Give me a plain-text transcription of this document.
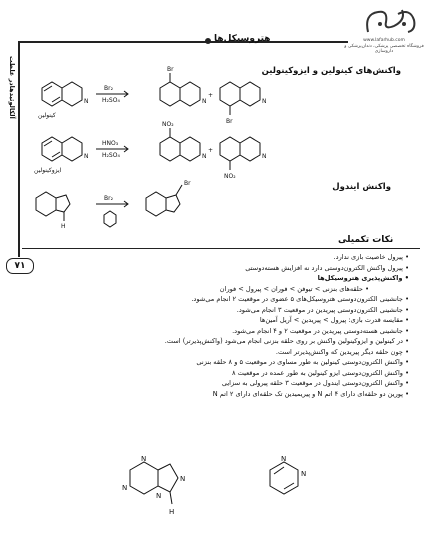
www.lafarhub.com
فروشگاه تخصصی پزشکی، دندان‌پزشکی و داروسازی
هتروسیکل‌ها
آلکالوئید‌هادر غلظت
۷۱
واکنش‌های کینولین و ایزوکینولین
واکنش ایندول
N
Br₂
H₂SO₄	N
Br
+
N
Br
N
HNO₃
H₂SO₄	N
NO₂
+
N
NO₂
H
Br₂
Br
کینولین
ایزوکینولین
نکات تکمیلی
• پیرول خاصیت بازی ندارد.
• پیرول واکنش الکترون‌دوستی دارد نه افزایش هسته‌دوستی
• واکنش‌پذیری هتروسیکل‌ها
• حلقه‌های بنزنی > تیوفن > فوران > پیرول > فوران
• جانشینی الکترون‌دوستی هتروسیکل‌های ۵ عضوی در موقعیت ۲ انجام می‌شود.
• جانشینی الکترون‌دوستی پیریدین در موقعیت ۳ انجام می‌شود.
• مقایسه قدرت بازی: پیرول > پیریدین > آریل آمین‌ها
• جانشینی هسته‌دوستی پیریدین در موقعیت ۲ و ۴ انجام می‌شود.
• در کینولین و ایزوکینولین واکنش بر روی حلقه بنزنی انجام می‌شود (واکنش‌پذیرتر) است.
• چون حلقه دیگر پیریدین که واکنش‌پذیرتر است.
• واکنش الکترون‌دوستی کینولین به طور مساوی در موقعیت ۵ و ۸ حلقه بنزنی
• واکنش الکترون‌دوستی ایزو کینولین به طور عمده در موقعیت ۸
• واکنش الکترون‌دوستی ایندول در موقعیت ۳ حلقه پیرولی به سزایی
• پورین دو حلقه‌ای دارای ۴ اتم N و پیریمیدین تک حلقه‌ای دارای ۲ اتم N
N
N
N
N
H
N
N
